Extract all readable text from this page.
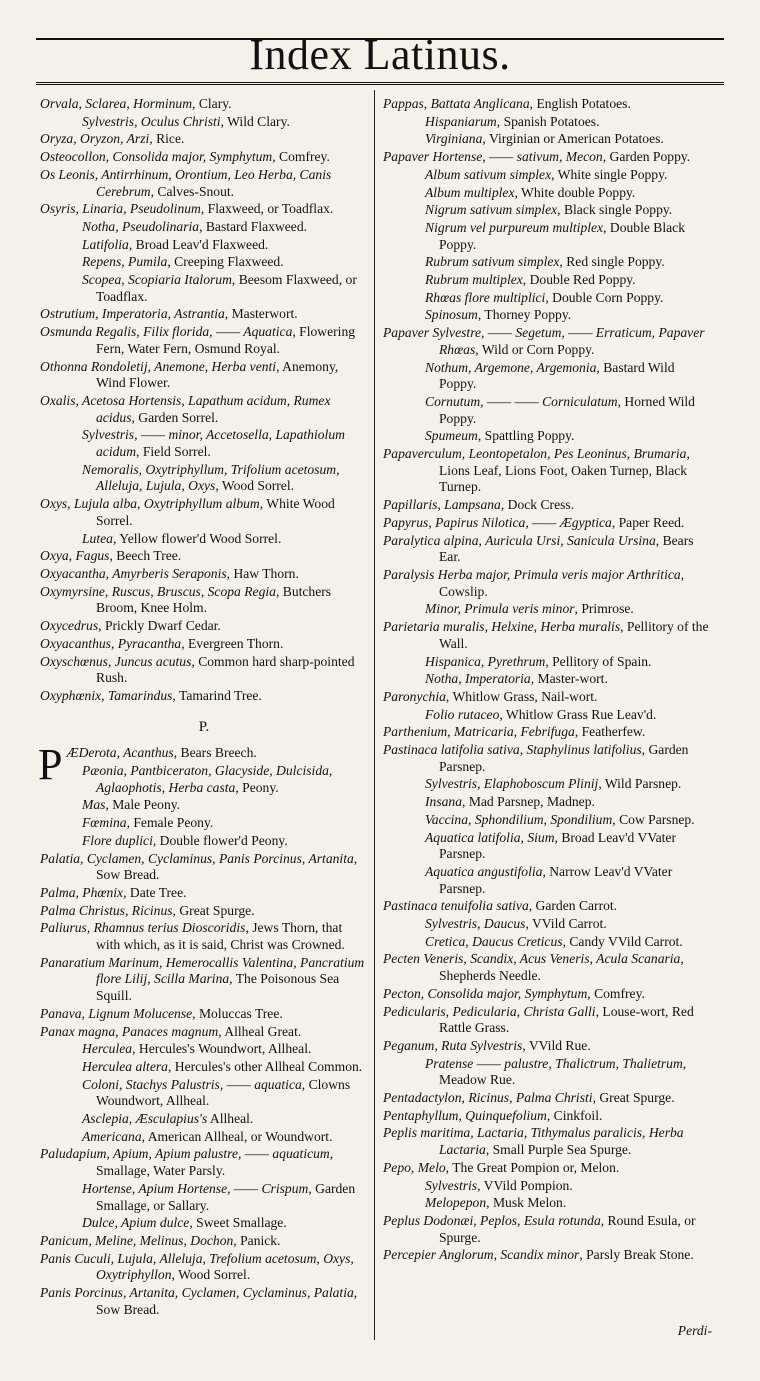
Index Latinus.
Orvala, Sclarea, Horminum, Clary.
Sylvestris, Oculus Christi, Wild Clary.
Oryza, Oryzon, Arzi, Rice.
Osteocollon, Consolida major, Symphytum, Comfrey.
Os Leonis, Antirrhinum, Orontium, Leo Herba, Canis Cerebrum, Calves-Snout.
Osyris, Linaria, Pseudolinum, Flaxweed, or Toadflax.
Notha, Pseudolinaria, Bastard Flaxweed.
Latifolia, Broad Leav'd Flaxweed.
Repens, Pumila, Creeping Flaxweed.
Scopea, Scopiaria Italorum, Beesom Flaxweed, or Toadflax.
Ostrutium, Imperatoria, Astrantia, Masterwort.
Osmunda Regalis, Filix florida, —— Aquatica, Flowering Fern, Water Fern, Osmund Royal.
Othonna Rondoletij, Anemone, Herba venti, Anemony, Wind Flower.
Oxalis, Acetosa Hortensis, Lapathum acidum, Rumex acidus, Garden Sorrel.
Sylvestris, —— minor, Accetosella, Lapathiolum acidum, Field Sorrel.
Nemoralis, Oxytriphyllum, Trifolium acetosum, Alleluja, Lujula, Oxys, Wood Sorrel.
Oxys, Lujula alba, Oxytriphyllum album, White Wood Sorrel.
Lutea, Yellow flower'd Wood Sorrel.
Oxya, Fagus, Beech Tree.
Oxyacantha, Amyrberis Seraponis, Haw Thorn.
Oxymyrsine, Ruscus, Bruscus, Scopa Regia, Butchers Broom, Knee Holm.
Oxycedrus, Prickly Dwarf Cedar.
Oxyacanthus, Pyracantha, Evergreen Thorn.
Oxyschœnus, Juncus acutus, Common hard sharp-pointed Rush.
Oxyphœnix, Tamarindus, Tamarind Tree.
P.
P ÆDerota, Acanthus, Bears Breech.
Pæonia, Pantbiceraton, Glacyside, Dulcisida, Aglaophotis, Herba casta, Peony.
Mas, Male Peony.
Fœmina, Female Peony.
Flore duplici, Double flower'd Peony.
Palatia, Cyclamen, Cyclaminus, Panis Porcinus, Artanita, Sow Bread.
Palma, Phœnix, Date Tree.
Palma Christus, Ricinus, Great Spurge.
Paliurus, Rhamnus terius Dioscoridis, Jews Thorn, that with which, as it is said, Christ was Crowned.
Panaratium Marinum, Hemerocallis Valentina, Pancratium flore Lilij, Scilla Marina, The Poisonous Sea Squill.
Panava, Lignum Molucense, Moluccas Tree.
Panax magna, Panaces magnum, Allheal Great.
Herculea, Hercules's Woundwort, Allheal.
Herculea altera, Hercules's other Allheal Common.
Coloni, Stachys Palustris, —— aquatica, Clowns Woundwort, Allheal.
Asclepia, Æsculapius's Allheal.
Americana, American Allheal, or Woundwort.
Paludapium, Apium, Apium palustre, —— aquaticum, Smallage, Water Parsly.
Hortense, Apium Hortense, —— Crispum, Garden Smallage, or Sallary.
Dulce, Apium dulce, Sweet Smallage.
Panicum, Meline, Melinus, Dochon, Panick.
Panis Cuculi, Lujula, Alleluja, Trefolium acetosum, Oxys, Oxytriphyllon, Wood Sorrel.
Panis Porcinus, Artanita, Cyclamen, Cyclaminus, Palatia, Sow Bread.
Pappas, Battata Anglicana, English Potatoes.
Hispaniarum, Spanish Potatoes.
Virginiana, Virginian or American Potatoes.
Papaver Hortense, —— sativum, Mecon, Garden Poppy.
Album sativum simplex, White single Poppy.
Album multiplex, White double Poppy.
Nigrum sativum simplex, Black single Poppy.
Nigrum vel purpureum multiplex, Double Black Poppy.
Rubrum sativum simplex, Red single Poppy.
Rubrum multiplex, Double Red Poppy.
Rhœas flore multiplici, Double Corn Poppy.
Spinosum, Thorney Poppy.
Papaver Sylvestre, —— Segetum, —— Erraticum, Papaver Rhœas, Wild or Corn Poppy.
Nothum, Argemone, Argemonia, Bastard Wild Poppy.
Cornutum, —— —— Corniculatum, Horned Wild Poppy.
Spumeum, Spattling Poppy.
Papaverculum, Leontopetalon, Pes Leoninus, Brumaria, Lions Leaf, Lions Foot, Oaken Turnep, Black Turnep.
Papillaris, Lampsana, Dock Cress.
Papyrus, Papirus Nilotica, —— Ægyptica, Paper Reed.
Paralytica alpina, Auricula Ursi, Sanicula Ursina, Bears Ear.
Paralysis Herba major, Primula veris major Arthritica, Cowslip.
Minor, Primula veris minor, Primrose.
Parietaria muralis, Helxine, Herba muralis, Pellitory of the Wall.
Hispanica, Pyrethrum, Pellitory of Spain.
Notha, Imperatoria, Master-wort.
Paronychia, Whitlow Grass, Nail-wort.
Folio rutaceo, Whitlow Grass Rue Leav'd.
Parthenium, Matricaria, Febrifuga, Featherfew.
Pastinaca latifolia sativa, Staphylinus latifolius, Garden Parsnep.
Sylvestris, Elaphoboscum Plinij, Wild Parsnep.
Insana, Mad Parsnep, Madnep.
Vaccina, Sphondilium, Spondilium, Cow Parsnep.
Aquatica latifolia, Sium, Broad Leav'd VVater Parsnep.
Aquatica angustifolia, Narrow Leav'd VVater Parsnep.
Pastinaca tenuifolia sativa, Garden Carrot.
Sylvestris, Daucus, VVild Carrot.
Cretica, Daucus Creticus, Candy VVild Carrot.
Pecten Veneris, Scandix, Acus Veneris, Acula Scanaria, Shepherds Needle.
Pecton, Consolida major, Symphytum, Comfrey.
Pedicularis, Pedicularia, Christa Galli, Louse-wort, Red Rattle Grass.
Peganum, Ruta Sylvestris, VVild Rue.
Pratense —— palustre, Thalictrum, Thalietrum, Meadow Rue.
Pentadactylon, Ricinus, Palma Christi, Great Spurge.
Pentaphyllum, Quinquefolium, Cinkfoil.
Peplis maritima, Lactaria, Tithymalus paralicis, Herba Lactaria, Small Purple Sea Spurge.
Pepo, Melo, The Great Pompion or, Melon.
Sylvestris, VVild Pompion.
Melopepon, Musk Melon.
Peplus Dodonæi, Peplos, Esula rotunda, Round Esula, or Spurge.
Percepier Anglorum, Scandix minor, Parsly Break Stone.
Perdi-
